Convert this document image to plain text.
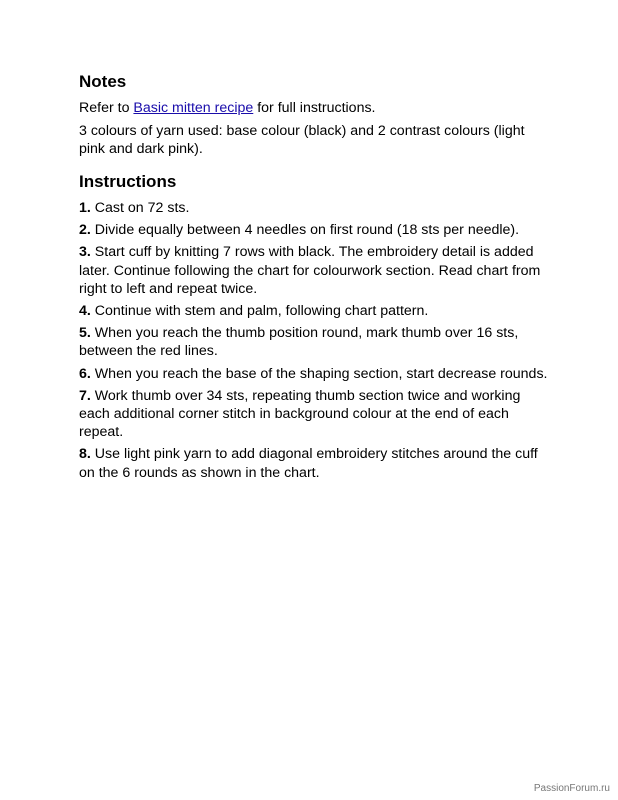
Notes

Refer to Basic mitten recipe for full instructions.

3 colours of yarn used: base colour (black) and 2 contrast colours (light pink and dark pink).

Instructions

1. Cast on 72 sts.

2. Divide equally between 4 needles on first round (18 sts per needle).

3. Start cuff by knitting 7 rows with black. The embroidery detail is added later. Continue following the chart for colourwork section. Read chart from right to left and repeat twice.

4. Continue with stem and palm, following chart pattern.

5. When you reach the thumb position round, mark thumb over 16 sts, between the red lines.

6. When you reach the base of the shaping section, start decrease rounds.

7. Work thumb over 34 sts, repeating thumb section twice and working each additional corner stitch in background colour at the end of each repeat.

8. Use light pink yarn to add diagonal embroidery stitches around the cuff on the 6 rounds as shown in the chart.

PassionForum.ru
